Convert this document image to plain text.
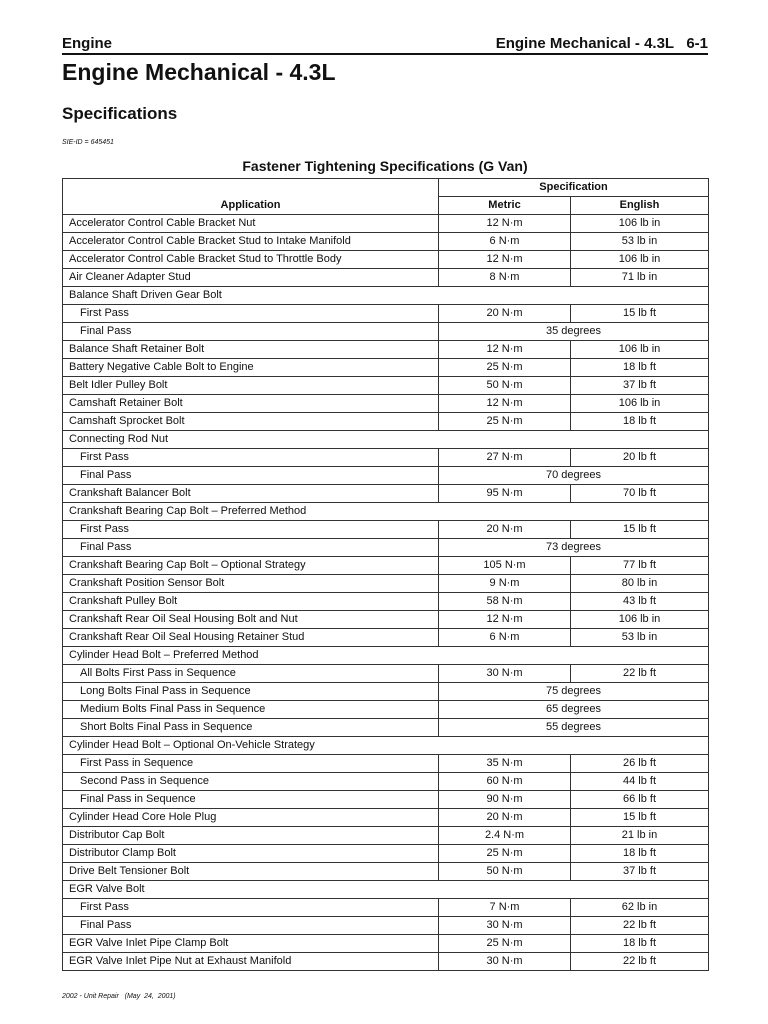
Engine	Engine Mechanical - 4.3L   6-1
Engine Mechanical - 4.3L
Specifications
SIE-ID = 645451
Fastener Tightening Specifications (G Van)
Application	Specification	
	Metric	English
Accelerator Control Cable Bracket Nut	12 N·m	106 lb in
Accelerator Control Cable Bracket Stud to Intake Manifold	6 N·m	53 lb in
Accelerator Control Cable Bracket Stud to Throttle Body	12 N·m	106 lb in
Air Cleaner Adapter Stud	8 N·m	71 lb in
Balance Shaft Driven Gear Bolt		
First Pass	20 N·m	15 lb ft
Final Pass	35 degrees	
Balance Shaft Retainer Bolt	12 N·m	106 lb in
Battery Negative Cable Bolt to Engine	25 N·m	18 lb ft
Belt Idler Pulley Bolt	50 N·m	37 lb ft
Camshaft Retainer Bolt	12 N·m	106 lb in
Camshaft Sprocket Bolt	25 N·m	18 lb ft
Connecting Rod Nut		
First Pass	27 N·m	20 lb ft
Final Pass	70 degrees	
Crankshaft Balancer Bolt	95 N·m	70 lb ft
Crankshaft Bearing Cap Bolt – Preferred Method		
First Pass	20 N·m	15 lb ft
Final Pass	73 degrees	
Crankshaft Bearing Cap Bolt – Optional Strategy	105 N·m	77 lb ft
Crankshaft Position Sensor Bolt	9 N·m	80 lb in
Crankshaft Pulley Bolt	58 N·m	43 lb ft
Crankshaft Rear Oil Seal Housing Bolt and Nut	12 N·m	106 lb in
Crankshaft Rear Oil Seal Housing Retainer Stud	6 N·m	53 lb in
Cylinder Head Bolt – Preferred Method		
All Bolts First Pass in Sequence	30 N·m	22 lb ft
Long Bolts Final Pass in Sequence	75 degrees	
Medium Bolts Final Pass in Sequence	65 degrees	
Short Bolts Final Pass in Sequence	55 degrees	
Cylinder Head Bolt – Optional On-Vehicle Strategy		
First Pass in Sequence	35 N·m	26 lb ft
Second Pass in Sequence	60 N·m	44 lb ft
Final Pass in Sequence	90 N·m	66 lb ft
Cylinder Head Core Hole Plug	20 N·m	15 lb ft
Distributor Cap Bolt	2.4 N·m	21 lb in
Distributor Clamp Bolt	25 N·m	18 lb ft
Drive Belt Tensioner Bolt	50 N·m	37 lb ft
EGR Valve Bolt		
First Pass	7 N·m	62 lb in
Final Pass	30 N·m	22 lb ft
EGR Valve Inlet Pipe Clamp Bolt	25 N·m	18 lb ft
EGR Valve Inlet Pipe Nut at Exhaust Manifold	30 N·m	22 lb ft
2002 - Unit Repair   (May  24,  2001)
